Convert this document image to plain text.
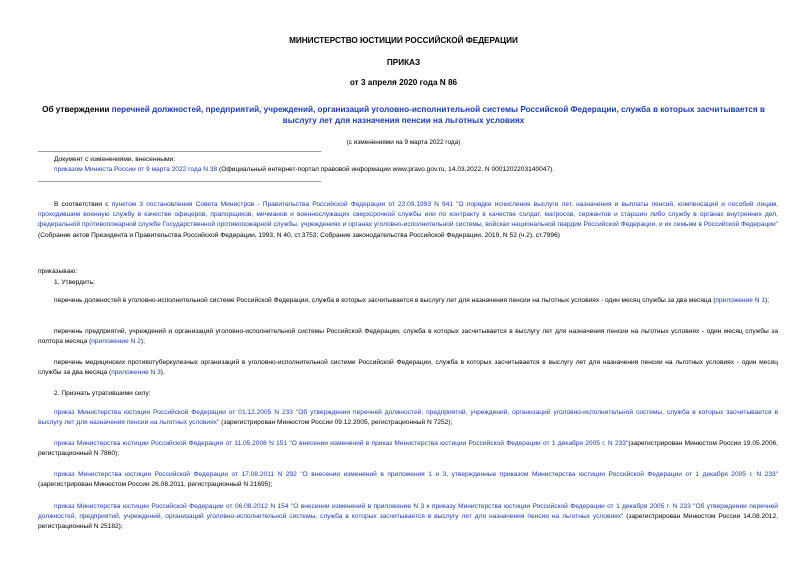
МИНИСТЕРСТВО ЮСТИЦИИ РОССИЙСКОЙ ФЕДЕРАЦИИ
ПРИКАЗ
от 3 апреля 2020 года N 86
Об утверждении перечней должностей, предприятий, учреждений, организаций уголовно-исполнительной системы Российской Федерации, служба в которых засчитывается в выслугу лет для назначения пенсии на льготных условиях
(с изменениями на 9 марта 2022 года)
Документ с изменениями, внесенными:
приказом Минюста России от 9 марта 2022 года N 38 (Официальный интернет-портал правовой информации www.pravo.gov.ru, 14.03.2022, N 0001202203140047).
В соответствии с пунктом 3 постановления Совета Министров - Правительства Российской Федерации от 22.09.1993 N 941 "О порядке исчисления выслуги лет, назначения и выплаты пенсий, компенсаций и пособий лицам, проходившим военную службу в качестве офицеров, прапорщиков, мичманов и военнослужащих сверхсрочной службы или по контракту в качестве солдат, матросов, сержантов и старшин либо службу в органах внутренних дел, федеральной противопожарной службе Государственной противопожарной службы, учреждениях и органах уголовно-исполнительной системы, войсках национальной гвардии Российской Федерации, и их семьям в Российской Федерации" (Собрание актов Президента и Правительства Российской Федерации, 1993, N 40, ст.3753; Собрание законодательства Российской Федерации, 2019, N 52 (ч.2), ст.7996)
приказываю:
1. Утвердить:
перечень должностей в уголовно-исполнительной системе Российской Федерации, служба в которых засчитывается в выслугу лет для назначения пенсии на льготных условиях - один месяц службы за два месяца (приложение N 1);
перечень предприятий, учреждений и организаций уголовно-исполнительной системы Российской Федерации, служба в которых засчитывается в выслугу лет для назначения пенсии на льготных условиях - один месяц службы за полтора месяца (приложение N 2);
перечень медицинских противотуберкулезных организаций в уголовно-исполнительной системе Российской Федерации, служба в которых засчитывается в выслугу лет для назначения пенсии на льготных условиях - один месяц службы за два месяца (приложение N 3).
2. Признать утратившими силу:
приказ Министерства юстиции Российской Федерации от 01.12.2005 N 233 "Об утверждении перечней должностей, предприятий, учреждений, организаций уголовно-исполнительной системы, служба в которых засчитывается в выслугу лет для назначения пенсии на льготных условиях" (зарегистрирован Минюстом России 09.12.2005, регистрационный N 7252);
приказ Министерства юстиции Российской Федерации от 11.05.2006 N 151 "О внесении изменений в приказ Министерства юстиции Российской Федерации от 1 декабря 2005 г. N 233"(зарегистрирован Минюстом России 19.05.2006, регистрационный N 7860);
приказ Министерства юстиции Российской Федерации от 17.08.2011 N 292 "О внесении изменений в приложения 1 и 3, утвержденные приказом Министерства юстиции Российской Федерации от 1 декабря 2005 г. N 233" (зарегистрирован Минюстом России 26.08.2011, регистрационный N 21695);
приказ Министерства юстиции Российской Федерации от 06.08.2012 N 154 "О внесении изменений в приложение N 3 к приказу Министерства юстиции Российской Федерации от 1 декабря 2005 г. N 233 "Об утверждении перечней должностей, предприятий, учреждений, организаций уголовно-исполнительной системы, служба в которых засчитывается в выслугу лет для назначения пенсии на льготных условиях" (зарегистрирован Минюстом России 14.08.2012, регистрационный N 25182);
